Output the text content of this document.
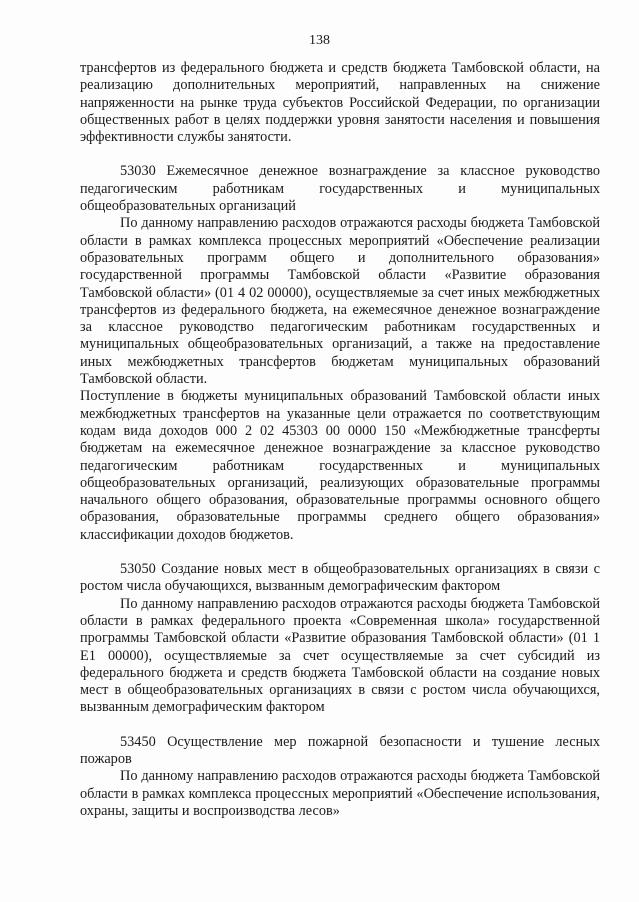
138

трансфертов из федерального бюджета и средств бюджета Тамбовской области, на реализацию дополнительных мероприятий, направленных на снижение напряженности на рынке труда субъектов Российской Федерации, по организации общественных работ в целях поддержки уровня занятости населения и повышения эффективности службы занятости.

53030 Ежемесячное денежное вознаграждение за классное руководство педагогическим работникам государственных и муниципальных общеобразовательных организаций

По данному направлению расходов отражаются расходы бюджета Тамбовской области в рамках комплекса процессных мероприятий «Обеспечение реализации образовательных программ общего и дополнительного образования» государственной программы Тамбовской области «Развитие образования Тамбовской области» (01 4 02 00000), осуществляемые за счет иных межбюджетных трансфертов из федерального бюджета, на ежемесячное денежное вознаграждение за классное руководство педагогическим работникам государственных и муниципальных общеобразовательных организаций, а также на предоставление иных межбюджетных трансфертов бюджетам муниципальных образований Тамбовской области.

Поступление в бюджеты муниципальных образований Тамбовской области иных межбюджетных трансфертов на указанные цели отражается по соответствующим кодам вида доходов 000 2 02 45303 00 0000 150 «Межбюджетные трансферты бюджетам на ежемесячное денежное вознаграждение за классное руководство педагогическим работникам государственных и муниципальных общеобразовательных организаций, реализующих образовательные программы начального общего образования, образовательные программы основного общего образования, образовательные программы среднего общего образования» классификации доходов бюджетов.

53050 Создание новых мест в общеобразовательных организациях в связи с ростом числа обучающихся, вызванным демографическим фактором

По данному направлению расходов отражаются расходы бюджета Тамбовской области в рамках федерального проекта «Современная школа» государственной программы Тамбовской области «Развитие образования Тамбовской области» (01 1 Е1 00000), осуществляемые за счет осуществляемые за счет субсидий из федерального бюджета и средств бюджета Тамбовской области на создание новых мест в общеобразовательных организациях в связи с ростом числа обучающихся, вызванным демографическим фактором

53450 Осуществление мер пожарной безопасности и тушение лесных пожаров

По данному направлению расходов отражаются расходы бюджета Тамбовской области в рамках комплекса процессных мероприятий «Обеспечение использования, охраны, защиты и воспроизводства лесов»
